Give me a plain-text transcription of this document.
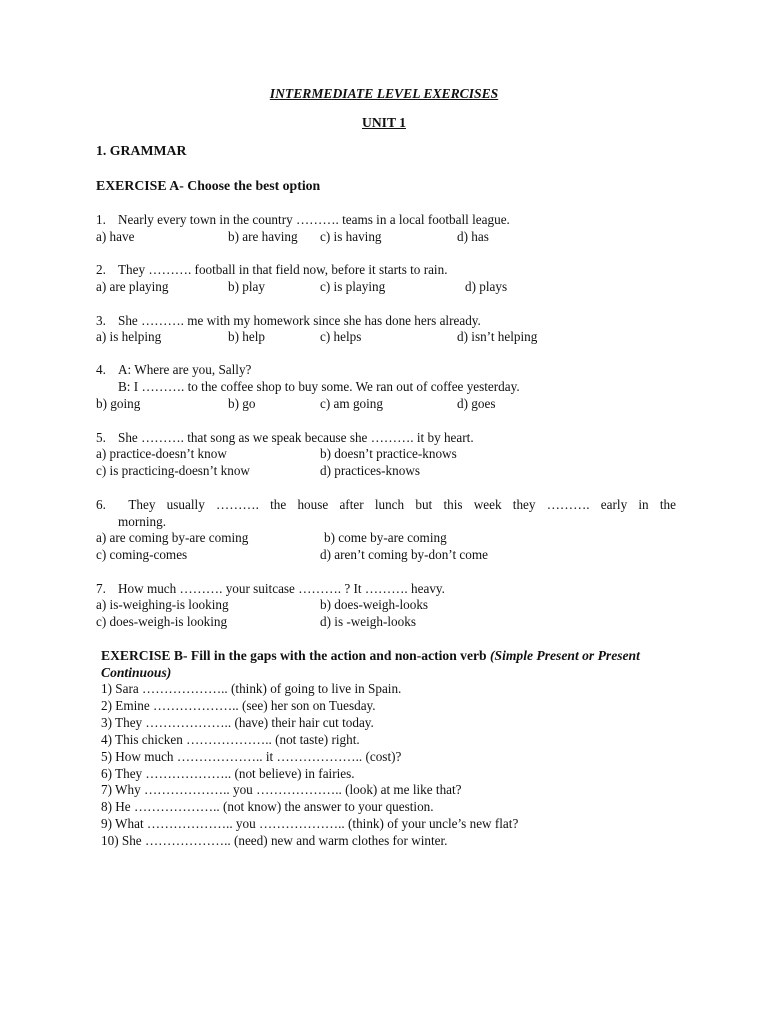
INTERMEDIATE LEVEL EXERCISES
UNIT 1
1. GRAMMAR
EXERCISE A- Choose the best option
1. Nearly every town in the country ………. teams in a local football league.
a) have	b) are having c) is having	d) has
2. They ………. football in that field now, before it starts to rain.
a) are playing	b) play	c) is playing	d) plays
3. She ………. me with my homework since she has done hers already.
a) is helping	b) help	c) helps	d) isn’t helping
4. A: Where are you, Sally?
B: I ………. to the coffee shop to buy some. We ran out of coffee yesterday.
b) going	b) go	c) am going	d) goes
5. She ………. that song as we speak because she ………. it by heart.
a) practice-doesn’t know	b) doesn’t practice-knows
c) is practicing-doesn’t know	d) practices-knows
6. They usually ………. the house after lunch but this week they ………. early in the
morning.
a) are coming by-are coming	b) come by-are coming
c) coming-comes	d) aren’t coming by-don’t come
7. How much ………. your suitcase ………. ? It ………. heavy.
a) is-weighing-is looking	b) does-weigh-looks
c) does-weigh-is looking	d) is -weigh-looks
EXERCISE B- Fill in the gaps with the action and non-action verb (Simple Present or Present Continuous)
1) Sara ……………….. (think) of going to live in Spain.
2) Emine ……………….. (see) her son on Tuesday.
3) They ……………….. (have) their hair cut today.
4) This chicken ……………….. (not taste) right.
5) How much ……………….. it ……………….. (cost)?
6) They ……………….. (not believe) in fairies.
7) Why ……………….. you ……………….. (look) at me like that?
8) He ……………….. (not know) the answer to your question.
9) What ……………….. you ……………….. (think) of your uncle’s new flat?
10) She ……………….. (need) new and warm clothes for winter.
